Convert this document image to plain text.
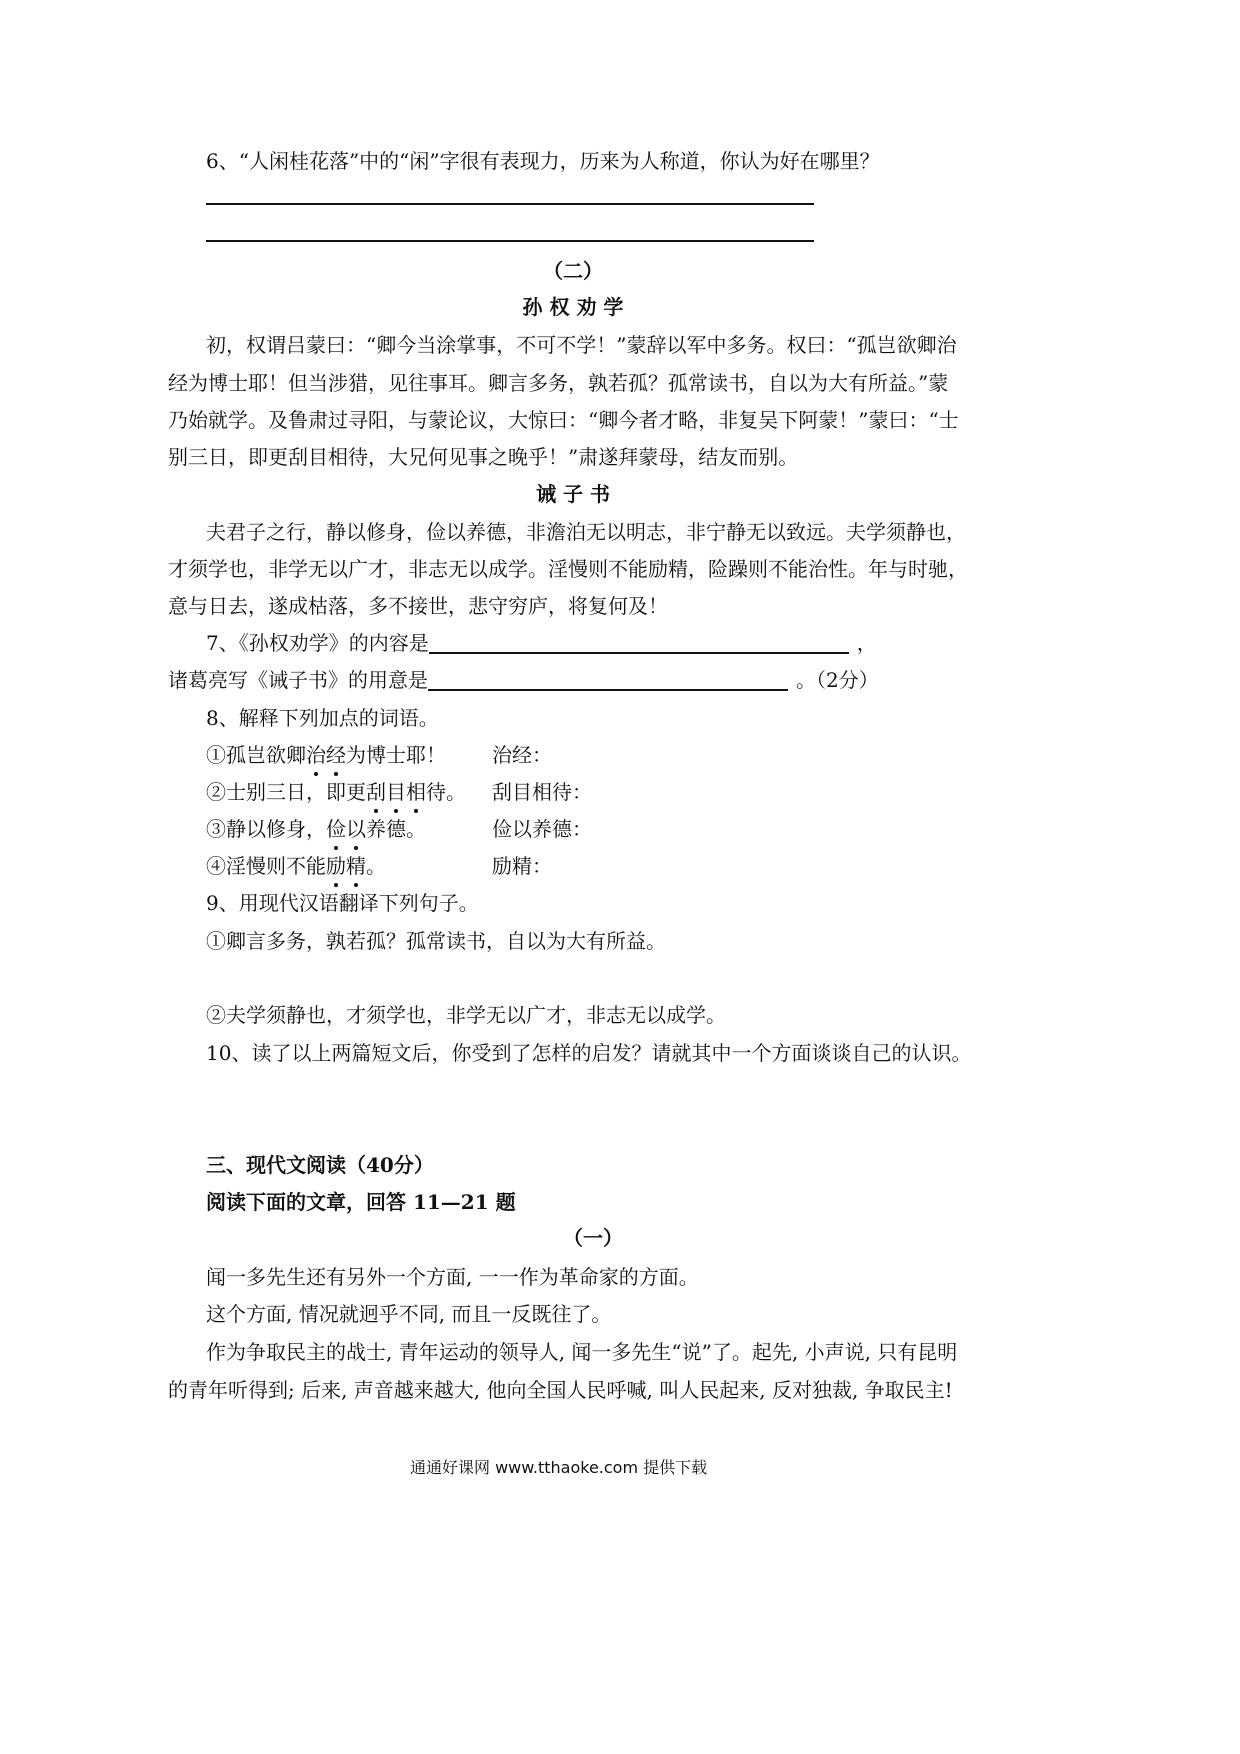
6、“人闲桂花落”中的“闲”字很有表现力，历来为人称道，你认为好在哪里？
（二）
孙 权 劝 学
初，权谓吕蒙曰：“卿今当涂掌事，不可不学！”蒙辞以军中多务。权曰：“孤岂欲卿治
经为博士耶！但当涉猎，见往事耳。卿言多务，孰若孤？孤常读书，自以为大有所益。”蒙
乃始就学。及鲁肃过寻阳，与蒙论议，大惊曰：“卿今者才略，非复吴下阿蒙！”蒙曰：“士
别三日，即更刮目相待，大兄何见事之晚乎！”肃遂拜蒙母，结友而别。
诫 子 书
夫君子之行，静以修身，俭以养德，非澹泊无以明志，非宁静无以致远。夫学须静也，
才须学也，非学无以广才，非志无以成学。淫慢则不能励精，险躁则不能治性。年与时驰，
意与日去，遂成枯落，多不接世，悲守穷庐，将复何及！
7、《孙权劝学》的内容是	，
诸葛亮写《诫子书》的用意是	。（2分）
8、解释下列加点的词语。
①孤岂欲卿治经为博士耶！ 治经：
②士别三日，即更刮目相待。 刮目相待：
③静以修身，俭以养德。	俭以养德：
④淫慢则不能励精。	励精：
9、用现代汉语翻译下列句子。
①卿言多务，孰若孤？孤常读书，自以为大有所益。
②夫学须静也，才须学也，非学无以广才，非志无以成学。
10、读了以上两篇短文后，你受到了怎样的启发？请就其中一个方面谈谈自己的认识。
三、现代文阅读（40分）
阅读下面的文章，回答 11—21 题
（一）
闻一多先生还有另外一个方面, 一一作为革命家的方面。
这个方面, 情况就迥乎不同, 而且一反既往了。
作为争取民主的战士, 青年运动的领导人, 闻一多先生“说”了。起先, 小声说, 只有昆明
的青年听得到; 后来, 声音越来越大, 他向全国人民呼喊, 叫人民起来, 反对独裁, 争取民主!
通通好课网 www.tthaoke.com 提供下载
